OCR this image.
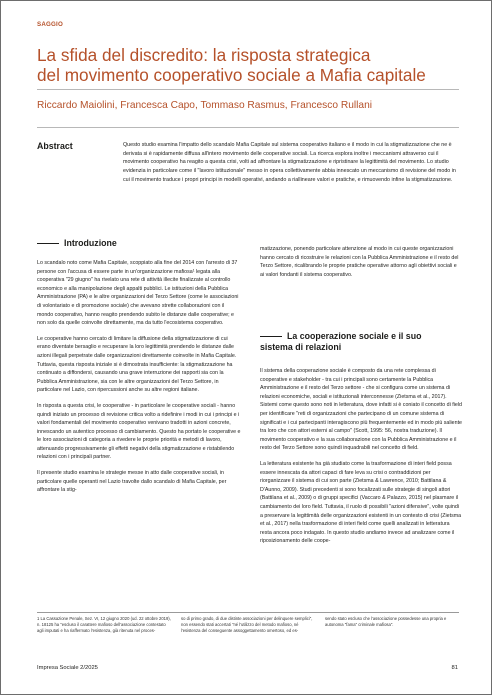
SAGGIO
La sfida del discredito: la risposta strategica
del movimento cooperativo sociale a Mafia capitale
Riccardo Maiolini, Francesca Capo, Tommaso Rasmus, Francesco Rullani
Abstract	Questo studio esamina l'impatto dello scandalo Mafia Capitale sul sistema cooperativo italiano e il modo in cui la stigmatizzazione che ne è derivata si è rapidamente diffusa all'intero movimento delle cooperative sociali. La ricerca esplora inoltre i meccanismi attraverso cui il movimento cooperativo ha reagito a questa crisi, volti ad affrontare la stigmatizzazione e ripristinare la legittimità del movimento. Lo studio evidenzia in particolare come il "lavoro istituzionale" messo in opera collettivamente abbia innescato un meccanismo di revisione del modo in cui il movimento traduce i propri principi in modelli operativi, andando a riallineare valori e pratiche, e rimuovendo infine la stigmatizzazione.

Introduzione

Lo scandalo noto come Mafia Capitale, scoppiato alla fine del 2014 con l'arresto di 37 persone con l'accusa di essere parte in un'organizzazione mafiosa¹ legata alla cooperativa "29 giugno" ha rivelato una rete di attività illecite finalizzate al controllo economico e alla manipolazione degli appalti pubblici. Le istituzioni della Pubblica Amministrazione (PA) e le altre organizzazioni del Terzo Settore (come le associazioni di volontariato e di promozione sociale) che avevano strette collaborazioni con il mondo cooperativo, hanno reagito prendendo subito le distanze dalle cooperative; e non solo da quelle coinvolte direttamente, ma da tutto l'ecosistema cooperativo.

Le cooperative hanno cercato di limitare la diffusione della stigmatizzazione di cui erano diventate bersaglio e recuperare la loro legittimità prendendo le distanze dalle azioni illegali perpetrate dalle organizzazioni direttamente coinvolte in Mafia Capitale. Tuttavia, questa risposta iniziale si è dimostrata insufficiente: la stigmatizzazione ha continuato a diffondersi, causando una grave interruzione dei rapporti sia con la Pubblica Amministrazione, sia con le altre organizzazioni del Terzo Settore, in particolare nel Lazio, con ripercussioni anche su altre regioni italiane.

In risposta a questa crisi, le cooperative - in particolare le cooperative sociali - hanno quindi iniziato un processo di revisione critica volto a ridefinire i modi in cui i principi e i valori fondamentali del movimento cooperativo venivano tradotti in azioni concrete, innescando un autentico processo di cambiamento. Questo ha portato le cooperative e le loro associazioni di categoria a rivedere le proprie priorità e metodi di lavoro, attenuando progressivamente gli effetti negativi della stigmatizzazione e ristabilendo relazioni con i principali partner.

Il presente studio esamina le strategie messe in atto dalle cooperative sociali, in particolare quelle operanti nel Lazio travolte dallo scandalo di Mafia Capitale, per affrontare la stig-

matizzazione, ponendo particolare attenzione al modo in cui queste organizzazioni hanno cercato di ricostruire le relazioni con la Pubblica Amministrazione e il resto del Terzo Settore, ricalibrando le proprie pratiche operative attorno agli obiettivi sociali e ai valori fondanti il sistema cooperativo.

La cooperazione sociale e il suo
sistema di relazioni

Il sistema della cooperazione sociale è composto da una rete complessa di cooperative e stakeholder - tra cui i principali sono certamente la Pubblica Amministrazione e il resto del Terzo settore - che si configura come un sistema di relazioni economiche, sociali e istituzionali interconnesse (Zietsma et al., 2017). Sistemi come questo sono noti in letteratura, dove infatti si è coniato il concetto di field per identificare "reti di organizzazioni che partecipano di un comune sistema di significati e i cui partecipanti interagiscono più frequentemente ed in modo più saliente tra loro che con attori esterni al campo" (Scott, 1995: 56, nostra traduzione). Il movimento cooperativo e la sua collaborazione con la Pubblica Amministrazione e il resto del Terzo Settore sono quindi inquadrabili nel concetto di field.

La letteratura esistente ha già studiato come la trasformazione di interi field possa essere innescata da attori capaci di fare leva su crisi o contraddizioni per riorganizzare il sistema di cui son parte (Zietsma & Lawrence, 2010; Battilana & D'Aunno, 2009). Studi precedenti si sono focalizzati sulle strategie di singoli attori (Battilana et al., 2009) o di gruppi specifici (Vaccaro & Palazzo, 2015) nel plasmare il cambiamento dei loro field. Tuttavia, il ruolo di possibili "azioni difensive", volte quindi a preservare la legittimità delle organizzazioni esistenti in un contesto di crisi (Zietsma et al., 2017) nella trasformazione di interi field come quelli analizzati in letteratura resta ancora poco indagato. In questo studio andiamo invece ad analizzare come il riposizionamento delle coope-

1 La Cassazione Penale, Sez. VI, 12 giugno 2020 (ud. 22 ottobre 2019), n. 18125 ha "escluso il carattere mafioso dell'associazione contestato agli imputati e ha riaffermato l'esistenza, già ritenuta nel proces-
so di primo grado, di due distinte associazioni per delinquere semplici", non essendo stati accertati "né l'utilizzo del metodo mafioso, né l'esistenza del conseguente assoggettamento omertoso, ed es-
sendo stato escluso che l'associazione possedesse una propria e autonoma "fama" criminale mafiosa".
Impresa Sociale 2/2025	81
